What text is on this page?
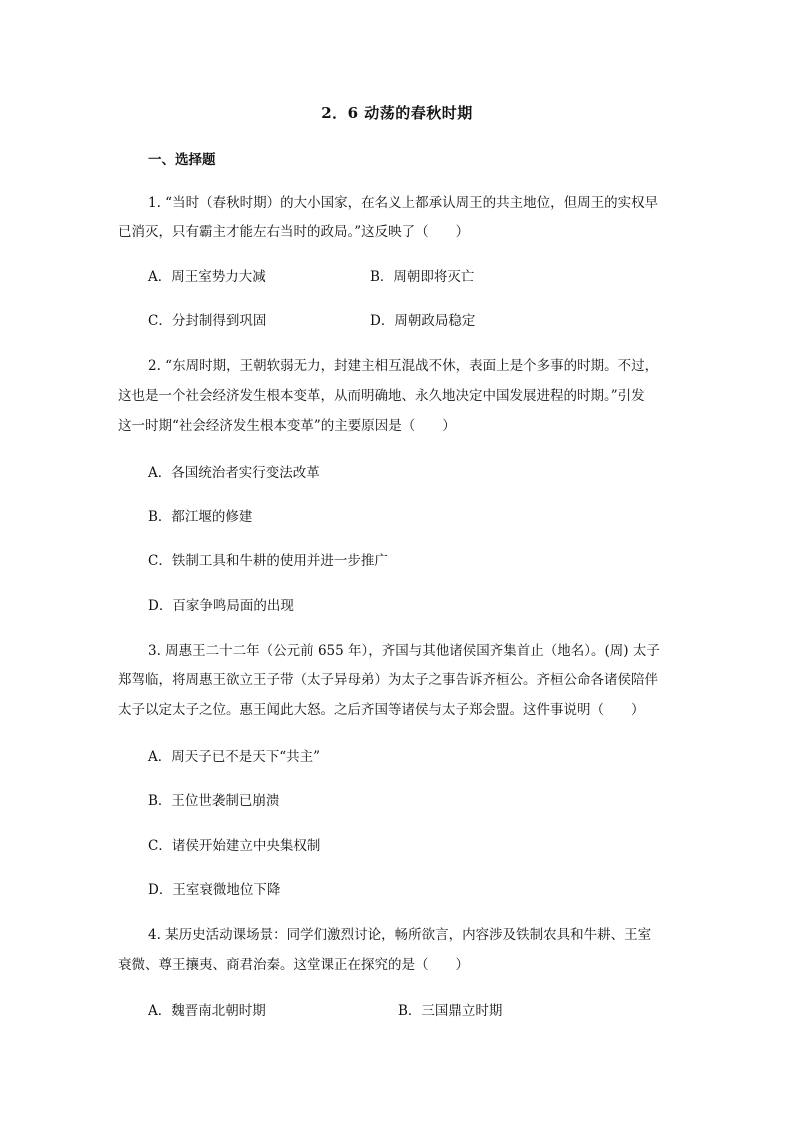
2．6 动荡的春秋时期
一、选择题
1. “当时（春秋时期）的大小国家，在名义上都承认周王的共主地位，但周王的实权早
已消灭，只有霸主才能左右当时的政局。”这反映了（　　）
A．周王室势力大减	B．周朝即将灭亡
C．分封制得到巩固	D．周朝政局稳定
2. “东周时期，王朝软弱无力，封建主相互混战不休，表面上是个多事的时期。不过，
这也是一个社会经济发生根本变革，从而明确地、永久地决定中国发展进程的时期。”引发
这一时期“社会经济发生根本变革”的主要原因是（　　）
A．各国统治者实行变法改革
B．都江堰的修建
C．铁制工具和牛耕的使用并进一步推广
D．百家争鸣局面的出现
3. 周惠王二十二年（公元前 655 年），齐国与其他诸侯国齐集首止（地名）。(周) 太子
郑驾临，将周惠王欲立王子带（太子异母弟）为太子之事告诉齐桓公。齐桓公命各诸侯陪伴
太子以定太子之位。惠王闻此大怒。之后齐国等诸侯与太子郑会盟。这件事说明（　　）
A．周天子已不是天下“共主”
B．王位世袭制已崩溃
C．诸侯开始建立中央集权制
D．王室衰微地位下降
4. 某历史活动课场景：同学们激烈讨论，畅所欲言，内容涉及铁制农具和牛耕、王室
衰微、尊王攘夷、商君治秦。这堂课正在探究的是（　　）
A．魏晋南北朝时期	B．三国鼎立时期
